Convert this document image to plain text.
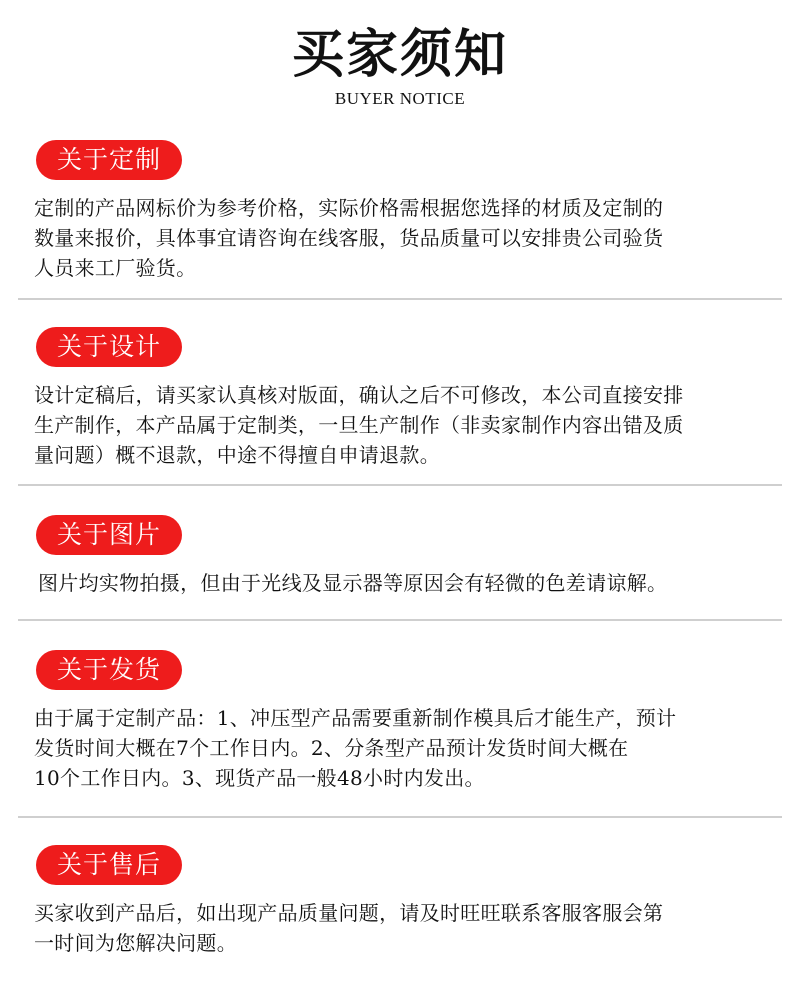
买家须知
BUYER NOTICE
关于定制
定制的产品网标价为参考价格，实际价格需根据您选择的材质及定制的
数量来报价，具体事宜请咨询在线客服，货品质量可以安排贵公司验货
人员来工厂验货。
关于设计
设计定稿后，请买家认真核对版面，确认之后不可修改，本公司直接安排
生产制作，本产品属于定制类，一旦生产制作（非卖家制作内容出错及质
量问题）概不退款，中途不得擅自申请退款。
关于图片
图片均实物拍摄，但由于光线及显示器等原因会有轻微的色差请谅解。
关于发货
由于属于定制产品：1、冲压型产品需要重新制作模具后才能生产，预计
发货时间大概在7个工作日内。2、分条型产品预计发货时间大概在
10个工作日内。3、现货产品一般48小时内发出。
关于售后
买家收到产品后，如出现产品质量问题，请及时旺旺联系客服客服会第
一时间为您解决问题。
